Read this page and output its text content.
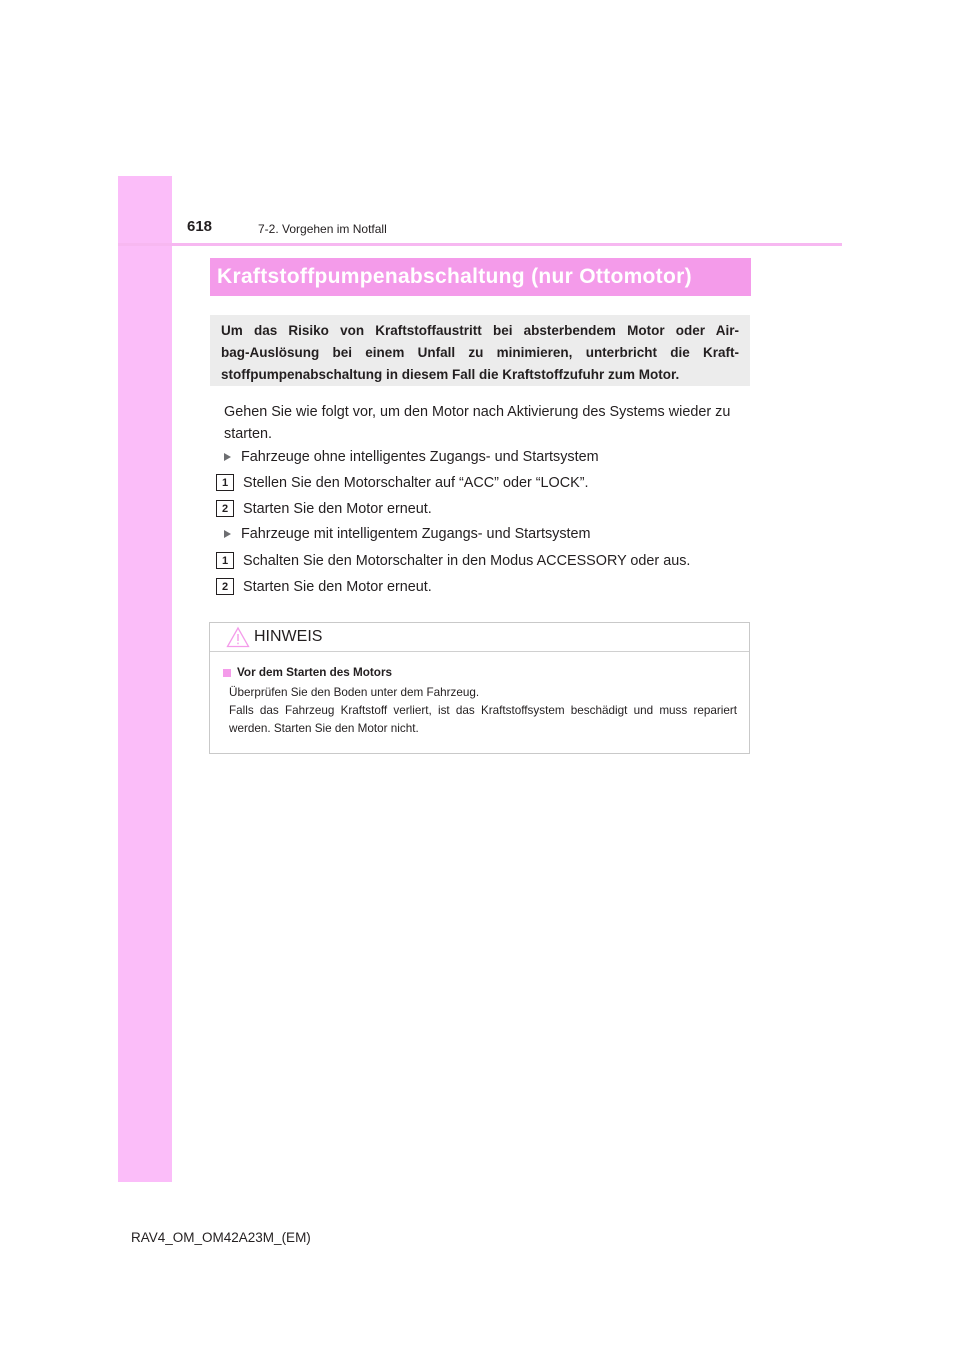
618	7-2. Vorgehen im Notfall
Kraftstoffpumpenabschaltung (nur Ottomotor)
Um das Risiko von Kraftstoffaustritt bei absterbendem Motor oder Air-
bag-Auslösung bei einem Unfall zu minimieren, unterbricht die Kraft-
stoffpumpenabschaltung in diesem Fall die Kraftstoffzufuhr zum Motor.
Gehen Sie wie folgt vor, um den Motor nach Aktivierung des Systems wieder zu starten.
Fahrzeuge ohne intelligentes Zugangs- und Startsystem
1	Stellen Sie den Motorschalter auf “ACC” oder “LOCK”.
2	Starten Sie den Motor erneut.
Fahrzeuge mit intelligentem Zugangs- und Startsystem
1	Schalten Sie den Motorschalter in den Modus ACCESSORY oder aus.
2	Starten Sie den Motor erneut.
HINWEIS
Vor dem Starten des Motors
Überprüfen Sie den Boden unter dem Fahrzeug.
Falls das Fahrzeug Kraftstoff verliert, ist das Kraftstoffsystem beschädigt und muss repariert werden. Starten Sie den Motor nicht.
RAV4_OM_OM42A23M_(EM)
